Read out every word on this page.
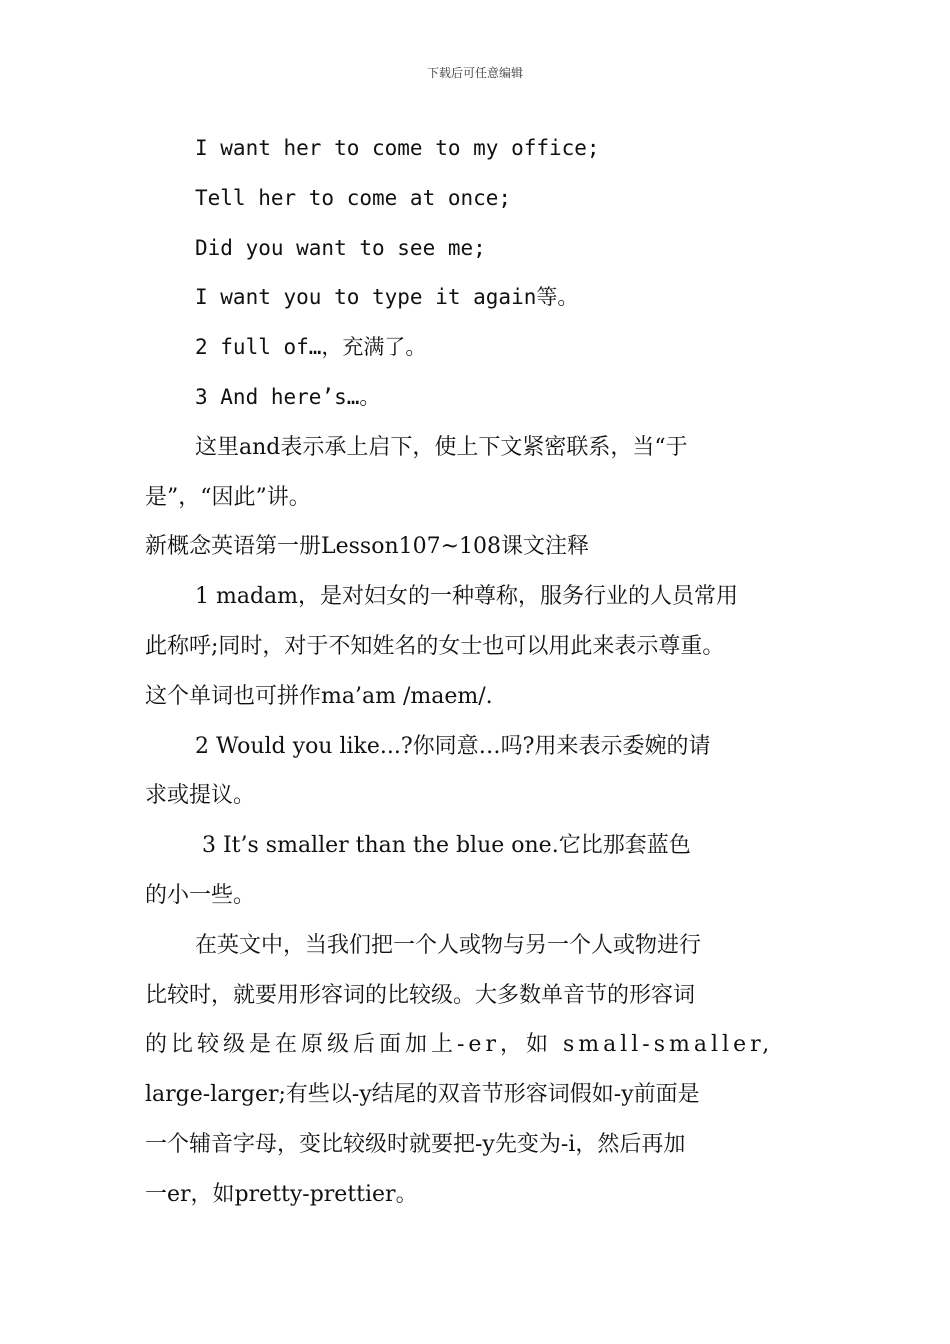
下载后可任意编辑

I want her to come to my office;

Tell her to come at once;

Did you want to see me;

I want you to type it again等。

2 full of…，充满了。

3 And here’s…。

这里and表示承上启下，使上下文紧密联系，当“于

是”，“因此”讲。

新概念英语第一册Lesson107~108课文注释

1 madam，是对妇女的一种尊称，服务行业的人员常用

此称呼;同时，对于不知姓名的女士也可以用此来表示尊重。

这个单词也可拼作ma’am /maem/.

2 Would you like...?你同意…吗?用来表示委婉的请

求或提议。

3 It’s smaller than the blue one.它比那套蓝色

的小一些。

在英文中，当我们把一个人或物与另一个人或物进行

比较时，就要用形容词的比较级。大多数单音节的形容词

的比较级是在原级后面加上-er，如 small-smaller,

large-larger;有些以-y结尾的双音节形容词假如-y前面是

一个辅音字母，变比较级时就要把-y先变为-i，然后再加

一er，如pretty-prettier。
